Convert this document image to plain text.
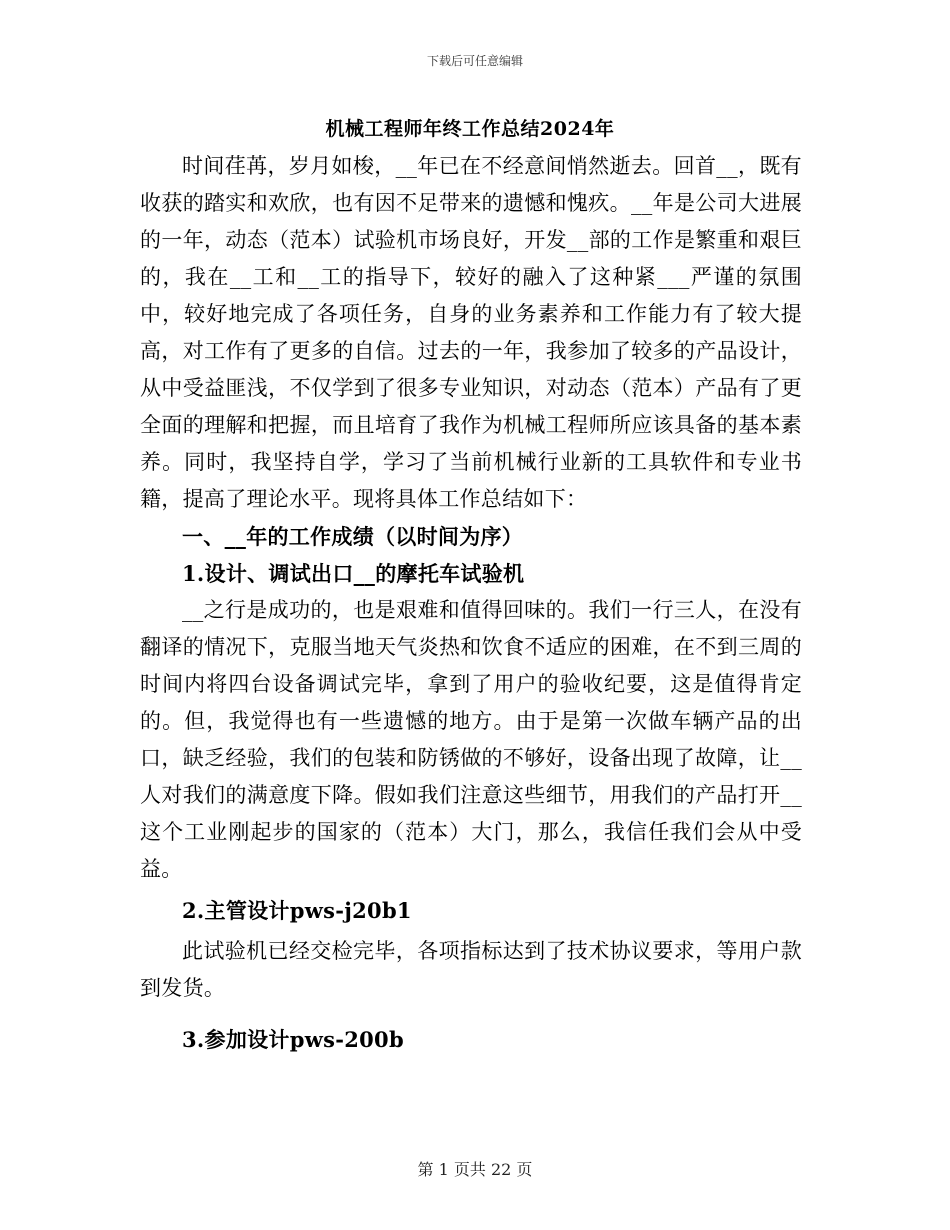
下载后可任意编辑
机械工程师年终工作总结2024年

时间荏苒，岁月如梭，__年已在不经意间悄然逝去。回首__，既有收获的踏实和欢欣，也有因不足带来的遗憾和愧疚。__年是公司大进展的一年，动态（范本）试验机市场良好，开发__部的工作是繁重和艰巨的，我在__工和__工的指导下，较好的融入了这种紧___严谨的氛围中，较好地完成了各项任务，自身的业务素养和工作能力有了较大提高，对工作有了更多的自信。过去的一年，我参加了较多的产品设计，从中受益匪浅，不仅学到了很多专业知识，对动态（范本）产品有了更全面的理解和把握，而且培育了我作为机械工程师所应该具备的基本素养。同时，我坚持自学，学习了当前机械行业新的工具软件和专业书籍，提高了理论水平。现将具体工作总结如下：

一、__年的工作成绩（以时间为序）

1.设计、调试出口__的摩托车试验机

__之行是成功的，也是艰难和值得回味的。我们一行三人，在没有翻译的情况下，克服当地天气炎热和饮食不适应的困难，在不到三周的时间内将四台设备调试完毕，拿到了用户的验收纪要，这是值得肯定的。但，我觉得也有一些遗憾的地方。由于是第一次做车辆产品的出口，缺乏经验，我们的包装和防锈做的不够好，设备出现了故障，让__人对我们的满意度下降。假如我们注意这些细节，用我们的产品打开__这个工业刚起步的国家的（范本）大门，那么，我信任我们会从中受益。

2.主管设计pws-j20b1

此试验机已经交检完毕，各项指标达到了技术协议要求，等用户款到发货。

3.参加设计pws-200b

第 1 页共 22 页
